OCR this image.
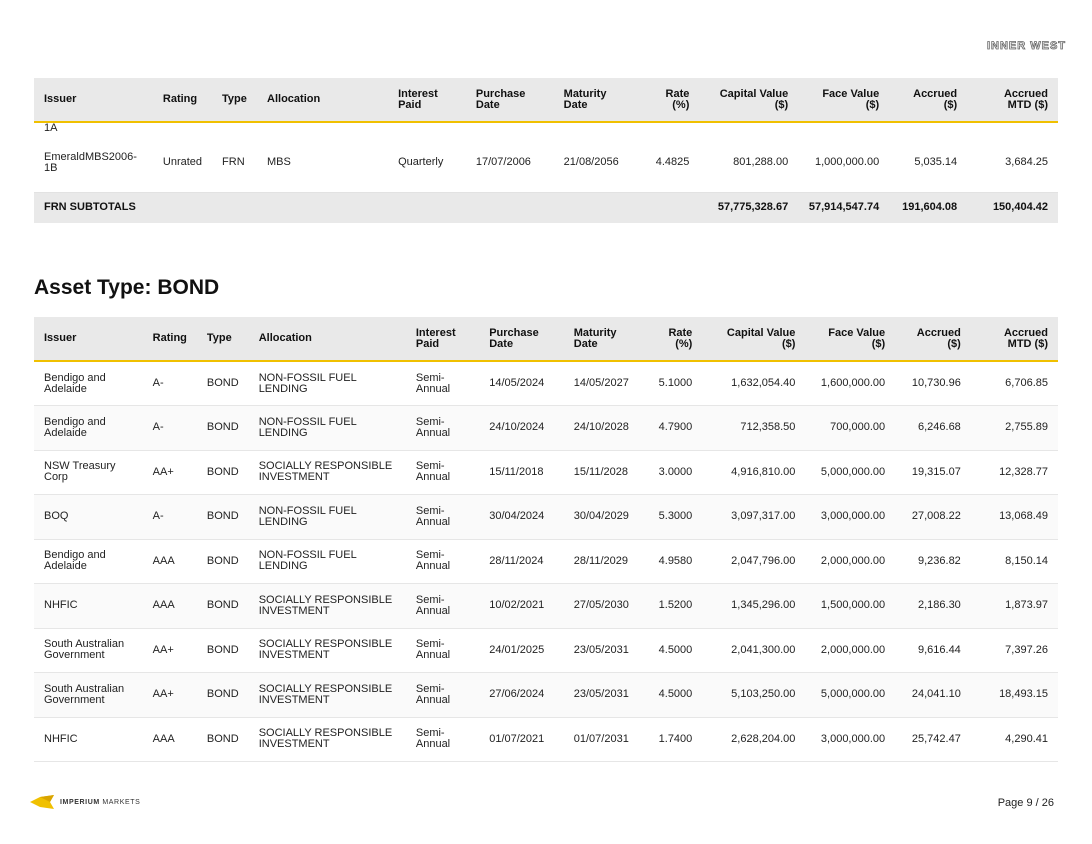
INNER WEST
Issuer	Rating	Type	Allocation	Interest Paid	Purchase Date	Maturity Date	Rate (%)	Capital Value ($)	Face Value ($)	Accrued ($)	Accrued MTD ($)
1A											
EmeraldMBS2006-1B	Unrated	FRN	MBS	Quarterly	17/07/2006	21/08/2056	4.4825	801,288.00	1,000,000.00	5,035.14	3,684.25
FRN SUBTOTALS								57,775,328.67	57,914,547.74	191,604.08	150,404.42
Asset Type: BOND
Issuer	Rating	Type	Allocation	Interest Paid	Purchase Date	Maturity Date	Rate (%)	Capital Value ($)	Face Value ($)	Accrued ($)	Accrued MTD ($)
Bendigo and Adelaide	A-	BOND	NON-FOSSIL FUEL LENDING	Semi-Annual	14/05/2024	14/05/2027	5.1000	1,632,054.40	1,600,000.00	10,730.96	6,706.85
Bendigo and Adelaide	A-	BOND	NON-FOSSIL FUEL LENDING	Semi-Annual	24/10/2024	24/10/2028	4.7900	712,358.50	700,000.00	6,246.68	2,755.89
NSW Treasury Corp	AA+	BOND	SOCIALLY RESPONSIBLE INVESTMENT	Semi-Annual	15/11/2018	15/11/2028	3.0000	4,916,810.00	5,000,000.00	19,315.07	12,328.77
BOQ	A-	BOND	NON-FOSSIL FUEL LENDING	Semi-Annual	30/04/2024	30/04/2029	5.3000	3,097,317.00	3,000,000.00	27,008.22	13,068.49
Bendigo and Adelaide	AAA	BOND	NON-FOSSIL FUEL LENDING	Semi-Annual	28/11/2024	28/11/2029	4.9580	2,047,796.00	2,000,000.00	9,236.82	8,150.14
NHFIC	AAA	BOND	SOCIALLY RESPONSIBLE INVESTMENT	Semi-Annual	10/02/2021	27/05/2030	1.5200	1,345,296.00	1,500,000.00	2,186.30	1,873.97
South Australian Government	AA+	BOND	SOCIALLY RESPONSIBLE INVESTMENT	Semi-Annual	24/01/2025	23/05/2031	4.5000	2,041,300.00	2,000,000.00	9,616.44	7,397.26
South Australian Government	AA+	BOND	SOCIALLY RESPONSIBLE INVESTMENT	Semi-Annual	27/06/2024	23/05/2031	4.5000	5,103,250.00	5,000,000.00	24,041.10	18,493.15
NHFIC	AAA	BOND	SOCIALLY RESPONSIBLE INVESTMENT	Semi-Annual	01/07/2021	01/07/2031	1.7400	2,628,204.00	3,000,000.00	25,742.47	4,290.41
IMPERIUM MARKETS	Page 9 / 26
